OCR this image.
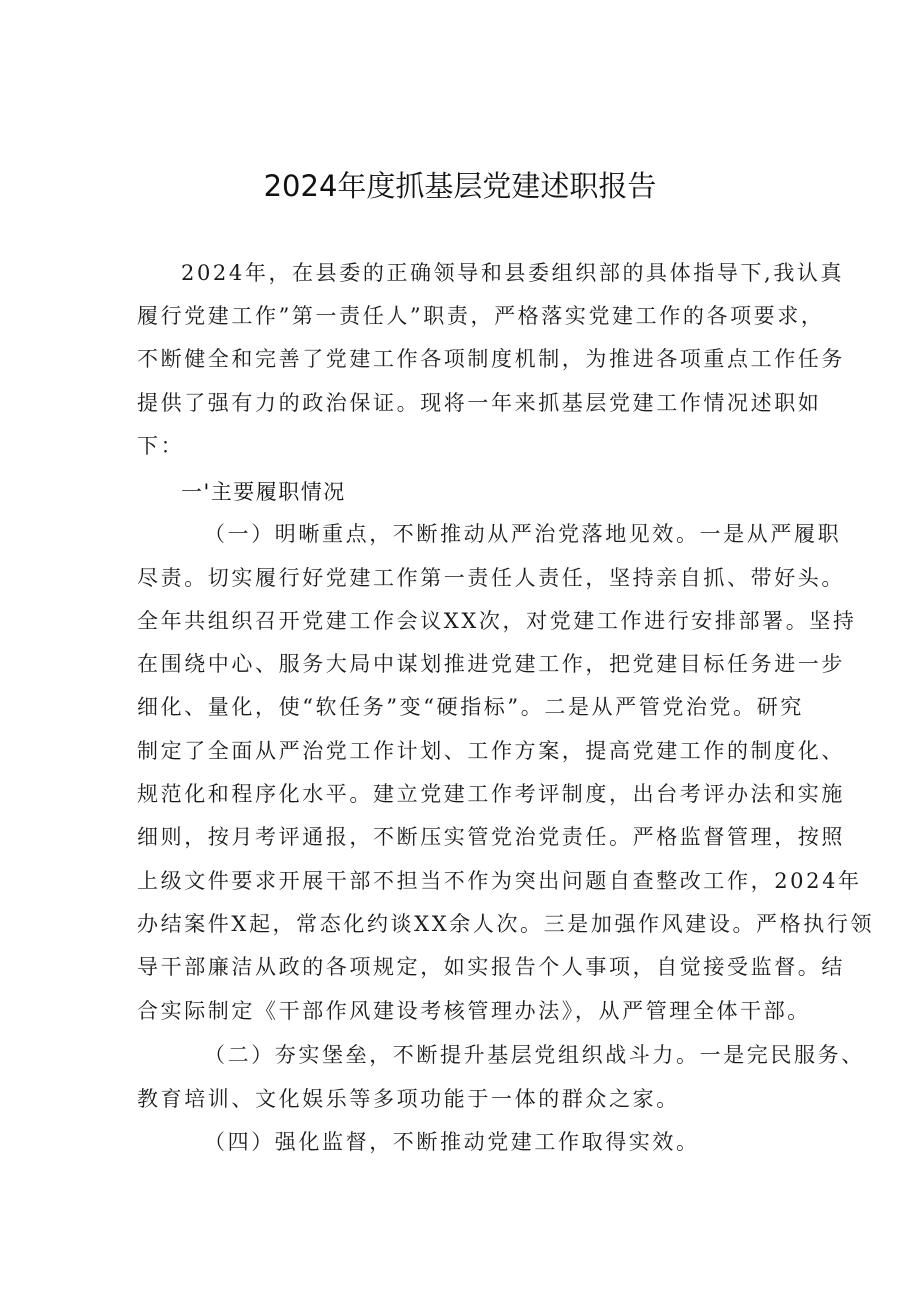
2024年度抓基层党建述职报告
2024年，在县委的正确领导和县委组织部的具体指导下,我认真
履行党建工作”第一责任人”职责，严格落实党建工作的各项要求，
不断健全和完善了党建工作各项制度机制，为推进各项重点工作任务
提供了强有力的政治保证。现将一年来抓基层党建工作情况述职如
下：
一'主要履职情况
（一）明晰重点，不断推动从严治党落地见效。一是从严履职
尽责。切实履行好党建工作第一责任人责任，坚持亲自抓、带好头。
全年共组织召开党建工作会议XX次，对党建工作进行安排部署。坚持
在围绕中心、服务大局中谋划推进党建工作，把党建目标任务进一步
细化、量化，使“软任务”变“硬指标”。二是从严管党治党。研究
制定了全面从严治党工作计划、工作方案，提高党建工作的制度化、
规范化和程序化水平。建立党建工作考评制度，出台考评办法和实施
细则，按月考评通报，不断压实管党治党责任。严格监督管理，按照
上级文件要求开展干部不担当不作为突出问题自查整改工作，2024年
办结案件X起，常态化约谈XX余人次。三是加强作风建设。严格执行领
导干部廉洁从政的各项规定，如实报告个人事项，自觉接受监督。结
合实际制定《干部作风建设考核管理办法》，从严管理全体干部。
（二）夯实堡垒，不断提升基层党组织战斗力。一是完民服务、
教育培训、文化娱乐等多项功能于一体的群众之家。
（四）强化监督，不断推动党建工作取得实效。
